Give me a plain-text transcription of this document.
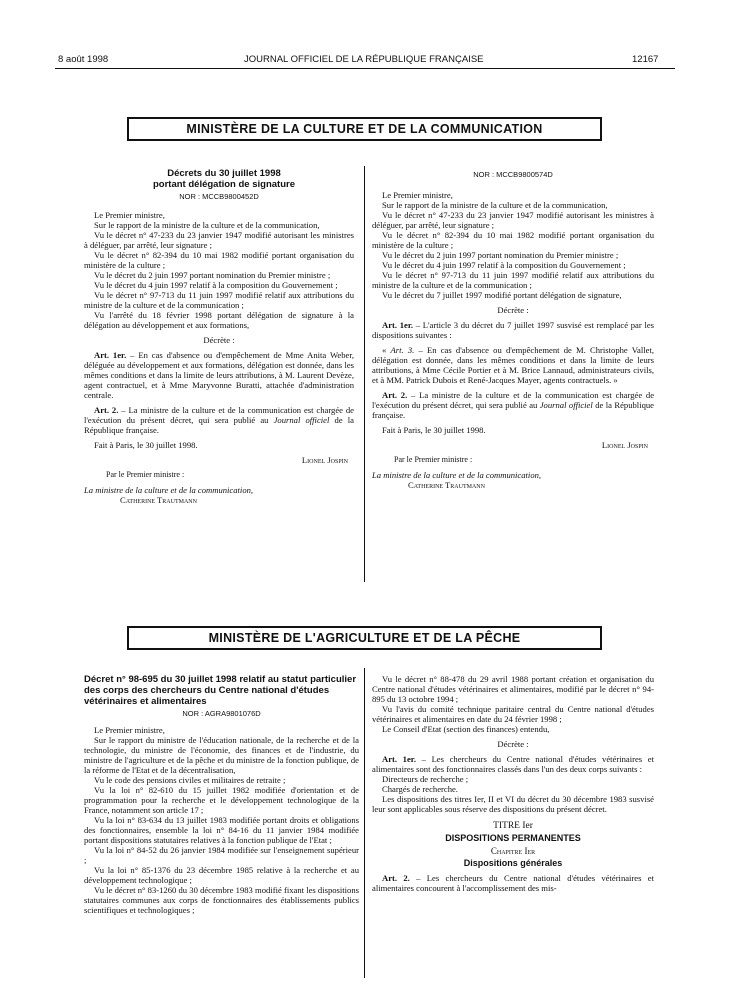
8 août 1998	JOURNAL OFFICIEL DE LA RÉPUBLIQUE FRANÇAISE	12167
MINISTÈRE DE LA CULTURE ET DE LA COMMUNICATION
Décrets du 30 juillet 1998
portant délégation de signature
NOR : MCCB9800452D

Le Premier ministre,

Sur le rapport de la ministre de la culture et de la communication,

Vu le décret n° 47-233 du 23 janvier 1947 modifié autorisant les ministres à déléguer, par arrêté, leur signature ;

Vu le décret n° 82-394 du 10 mai 1982 modifié portant organisation du ministère de la culture ;

Vu le décret du 2 juin 1997 portant nomination du Premier ministre ;

Vu le décret du 4 juin 1997 relatif à la composition du Gouvernement ;

Vu le décret n° 97-713 du 11 juin 1997 modifié relatif aux attributions du ministre de la culture et de la communication ;

Vu l'arrêté du 18 février 1998 portant délégation de signature à la délégation au développement et aux formations,

Décrète :

Art. 1er. – En cas d'absence ou d'empêchement de Mme Anita Weber, déléguée au développement et aux formations, délégation est donnée, dans les mêmes conditions et dans la limite de leurs attributions, à M. Laurent Devèze, agent contractuel, et à Mme Maryvonne Buratti, attachée d'administration centrale.

Art. 2. – La ministre de la culture et de la communication est chargée de l'exécution du présent décret, qui sera publié au Journal officiel de la République française.

Fait à Paris, le 30 juillet 1998.

Lionel Jospin

Par le Premier ministre :

La ministre de la culture et de la communication,

Catherine Trautmann

NOR : MCCB9800574D

Le Premier ministre,

Sur le rapport de la ministre de la culture et de la communication,

Vu le décret n° 47-233 du 23 janvier 1947 modifié autorisant les ministres à déléguer, par arrêté, leur signature ;

Vu le décret n° 82-394 du 10 mai 1982 modifié portant organisation du ministère de la culture ;

Vu le décret du 2 juin 1997 portant nomination du Premier ministre ;

Vu le décret du 4 juin 1997 relatif à la composition du Gouvernement ;

Vu le décret n° 97-713 du 11 juin 1997 modifié relatif aux attributions du ministre de la culture et de la communication ;

Vu le décret du 7 juillet 1997 modifié portant délégation de signature,

Décrète :

Art. 1er. – L'article 3 du décret du 7 juillet 1997 susvisé est remplacé par les dispositions suivantes :

« Art. 3. – En cas d'absence ou d'empêchement de M. Christophe Vallet, délégation est donnée, dans les mêmes conditions et dans la limite de leurs attributions, à Mme Cécile Portier et à M. Brice Lannaud, administrateurs civils, et à MM. Patrick Dubois et René-Jacques Mayer, agents contractuels. »

Art. 2. – La ministre de la culture et de la communication est chargée de l'exécution du présent décret, qui sera publié au Journal officiel de la République française.

Fait à Paris, le 30 juillet 1998.

Lionel Jospin

Par le Premier ministre :

La ministre de la culture et de la communication,

Catherine Trautmann

MINISTÈRE DE L'AGRICULTURE ET DE LA PÊCHE
Décret n° 98-695 du 30 juillet 1998 relatif au statut particulier des corps des chercheurs du Centre national d'études vétérinaires et alimentaires
NOR : AGRA9801076D

Le Premier ministre,

Sur le rapport du ministre de l'éducation nationale, de la recherche et de la technologie, du ministre de l'économie, des finances et de l'industrie, du ministre de l'agriculture et de la pêche et du ministre de la fonction publique, de la réforme de l'Etat et de la décentralisation,

Vu le code des pensions civiles et militaires de retraite ;

Vu la loi n° 82-610 du 15 juillet 1982 modifiée d'orientation et de programmation pour la recherche et le développement technologique de la France, notamment son article 17 ;

Vu la loi n° 83-634 du 13 juillet 1983 modifiée portant droits et obligations des fonctionnaires, ensemble la loi n° 84-16 du 11 janvier 1984 modifiée portant dispositions statutaires relatives à la fonction publique de l'Etat ;

Vu la loi n° 84-52 du 26 janvier 1984 modifiée sur l'enseignement supérieur ;

Vu la loi n° 85-1376 du 23 décembre 1985 relative à la recherche et au développement technologique ;

Vu le décret n° 83-1260 du 30 décembre 1983 modifié fixant les dispositions statutaires communes aux corps de fonctionnaires des établissements publics scientifiques et technologiques ;

Vu le décret n° 88-478 du 29 avril 1988 portant création et organisation du Centre national d'études vétérinaires et alimentaires, modifié par le décret n° 94-895 du 13 octobre 1994 ;

Vu l'avis du comité technique paritaire central du Centre national d'études vétérinaires et alimentaires en date du 24 février 1998 ;

Le Conseil d'Etat (section des finances) entendu,

Décrète :

Art. 1er. – Les chercheurs du Centre national d'études vétérinaires et alimentaires sont des fonctionnaires classés dans l'un des deux corps suivants :

Directeurs de recherche ;

Chargés de recherche.

Les dispositions des titres Ier, II et VI du décret du 30 décembre 1983 susvisé leur sont applicables sous réserve des dispositions du présent décret.

TITRE Ier
DISPOSITIONS PERMANENTES
Chapitre Ier
Dispositions générales

Art. 2. – Les chercheurs du Centre national d'études vétérinaires et alimentaires concourent à l'accomplissement des mis-
